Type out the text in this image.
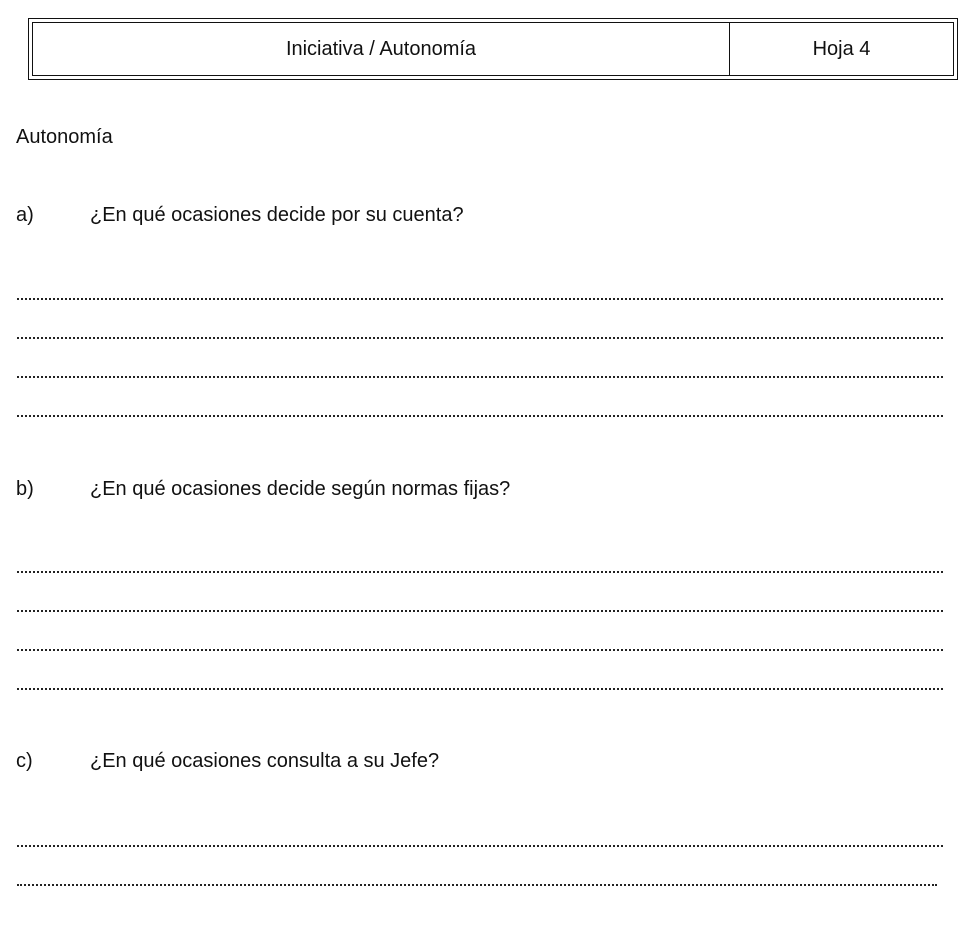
Iniciativa / Autonomía	Hoja 4
Autonomía
a)	¿En qué ocasiones decide por su cuenta?
b)	¿En qué ocasiones decide según normas fijas?
c)	¿En qué ocasiones consulta a su Jefe?
